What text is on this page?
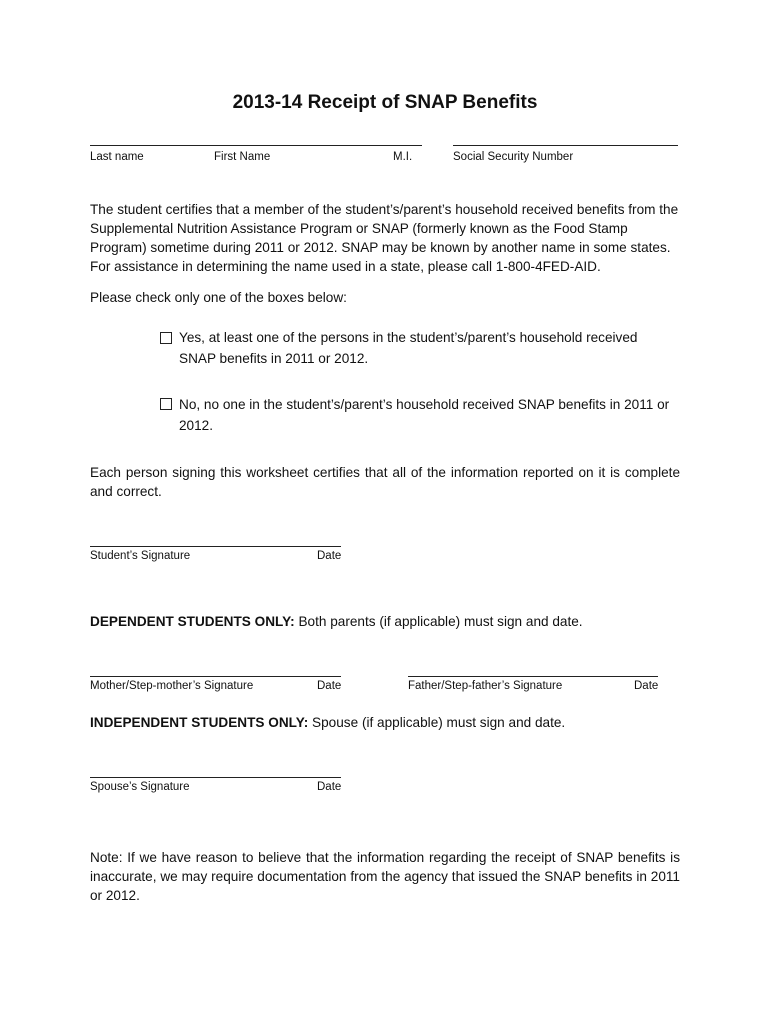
2013-14 Receipt of SNAP Benefits
Last name	First Name	M.I.	Social Security Number
The student certifies that a member of the student’s/parent’s household received benefits from the Supplemental Nutrition Assistance Program or SNAP (formerly known as the Food Stamp Program) sometime during 2011 or 2012. SNAP may be known by another name in some states. For assistance in determining the name used in a state, please call 1-800-4FED-AID.
Please check only one of the boxes below:
Yes, at least one of the persons in the student’s/parent’s household received SNAP benefits in 2011 or 2012.
No, no one in the student’s/parent’s household received SNAP benefits in 2011 or 2012.
Each person signing this worksheet certifies that all of the information reported on it is complete and correct.
Student’s Signature	Date
DEPENDENT STUDENTS ONLY: Both parents (if applicable) must sign and date.
Mother/Step-mother’s Signature	Date	Father/Step-father’s Signature	Date
INDEPENDENT STUDENTS ONLY: Spouse (if applicable) must sign and date.
Spouse’s Signature	Date
Note: If we have reason to believe that the information regarding the receipt of SNAP benefits is inaccurate, we may require documentation from the agency that issued the SNAP benefits in 2011 or 2012.
